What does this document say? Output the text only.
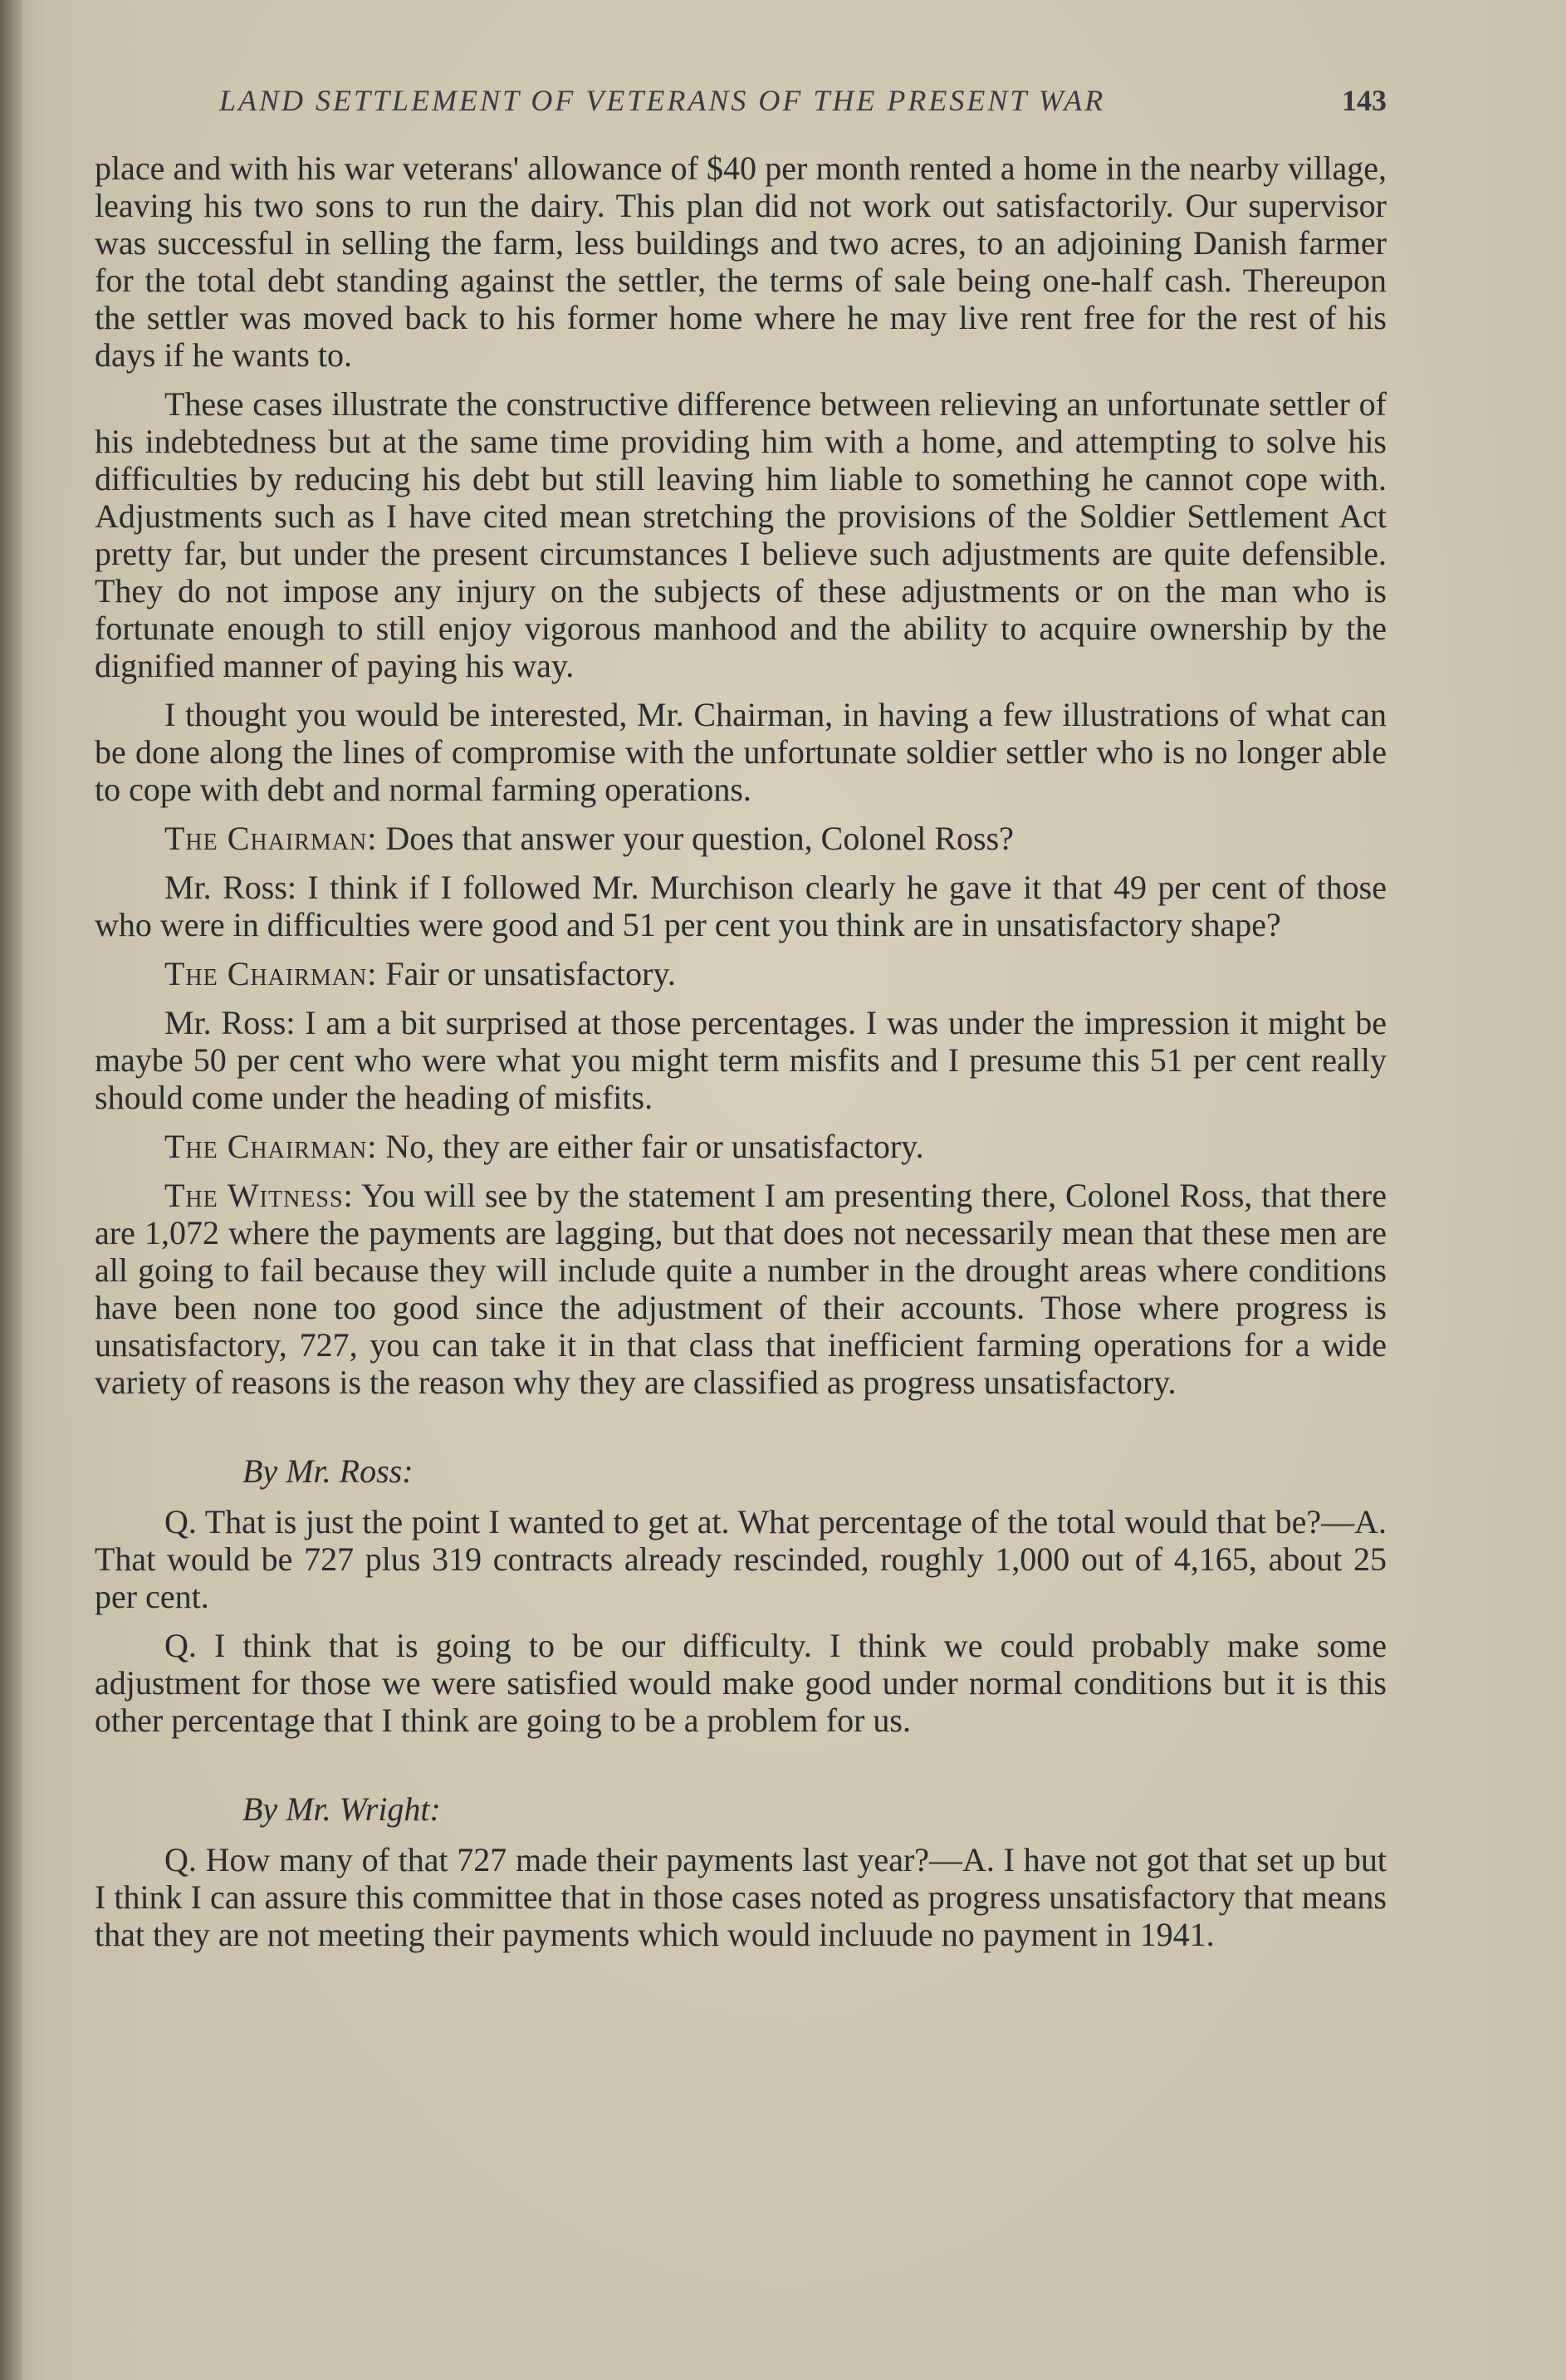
LAND SETTLEMENT OF VETERANS OF THE PRESENT WAR	143

place and with his war veterans' allowance of $40 per month rented a home in the nearby village, leaving his two sons to run the dairy. This plan did not work out satisfactorily. Our supervisor was successful in selling the farm, less buildings and two acres, to an adjoining Danish farmer for the total debt standing against the settler, the terms of sale being one-half cash. Thereupon the settler was moved back to his former home where he may live rent free for the rest of his days if he wants to.

These cases illustrate the constructive difference between relieving an unfortunate settler of his indebtedness but at the same time providing him with a home, and attempting to solve his difficulties by reducing his debt but still leaving him liable to something he cannot cope with. Adjustments such as I have cited mean stretching the provisions of the Soldier Settlement Act pretty far, but under the present circumstances I believe such adjustments are quite defensible. They do not impose any injury on the subjects of these adjustments or on the man who is fortunate enough to still enjoy vigorous manhood and the ability to acquire ownership by the dignified manner of paying his way.

I thought you would be interested, Mr. Chairman, in having a few illustrations of what can be done along the lines of compromise with the unfortunate soldier settler who is no longer able to cope with debt and normal farming operations.

The Chairman: Does that answer your question, Colonel Ross?

Mr. Ross: I think if I followed Mr. Murchison clearly he gave it that 49 per cent of those who were in difficulties were good and 51 per cent you think are in unsatisfactory shape?

The Chairman: Fair or unsatisfactory.

Mr. Ross: I am a bit surprised at those percentages. I was under the impression it might be maybe 50 per cent who were what you might term misfits and I presume this 51 per cent really should come under the heading of misfits.

The Chairman: No, they are either fair or unsatisfactory.

The Witness: You will see by the statement I am presenting there, Colonel Ross, that there are 1,072 where the payments are lagging, but that does not necessarily mean that these men are all going to fail because they will include quite a number in the drought areas where conditions have been none too good since the adjustment of their accounts. Those where progress is unsatisfactory, 727, you can take it in that class that inefficient farming operations for a wide variety of reasons is the reason why they are classified as progress unsatisfactory.

By Mr. Ross:

Q. That is just the point I wanted to get at. What percentage of the total would that be?—A. That would be 727 plus 319 contracts already rescinded, roughly 1,000 out of 4,165, about 25 per cent.

Q. I think that is going to be our difficulty. I think we could probably make some adjustment for those we were satisfied would make good under normal conditions but it is this other percentage that I think are going to be a problem for us.

By Mr. Wright:

Q. How many of that 727 made their payments last year?—A. I have not got that set up but I think I can assure this committee that in those cases noted as progress unsatisfactory that means that they are not meeting their payments which would incluude no payment in 1941.
